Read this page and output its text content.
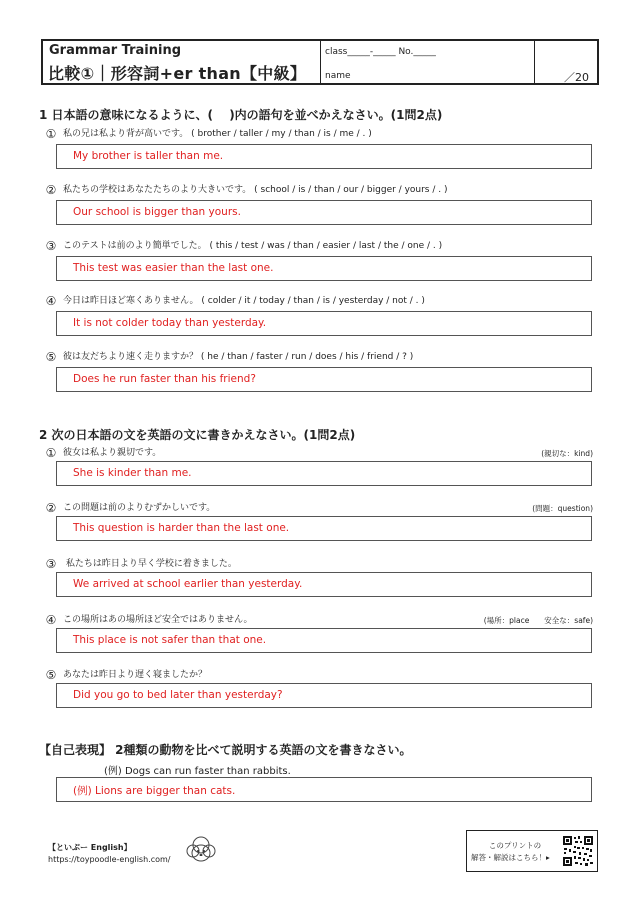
Grammar Training
比較①｜形容詞+er than【中級】
class_____-_____ No._____
name	／20
1 日本語の意味になるように、(　 )内の語句を並べかえなさい。(1問2点)
① 私の兄は私より背が高いです。 ( brother / taller / my / than / is / me / . )
My brother is taller than me.
② 私たちの学校はあなたたちのより大きいです。 ( school / is / than / our / bigger / yours / . )
Our school is bigger than yours.
③ このテストは前のより簡単でした。 ( this / test / was / than / easier / last / the / one / . )
This test was easier than the last one.
④ 今日は昨日ほど寒くありません。 ( colder / it / today / than / is / yesterday / not / . )
It is not colder today than yesterday.
⑤ 彼は友だちより速く走りますか？ ( he / than / faster / run / does / his / friend / ? )
Does he run faster than his friend?
2 次の日本語の文を英語の文に書きかえなさい。(1問2点)
① 彼女は私より親切です。	(親切な：kind)
She is kinder than me.
② この問題は前のよりむずかしいです。	(問題：question)
This question is harder than the last one.
③ 私たちは昨日より早く学校に着きました。
We arrived at school earlier than yesterday.
④ この場所はあの場所ほど安全ではありません。	(場所：place　　安全な：safe)
This place is not safer than that one.
⑤ あなたは昨日より遅く寝ましたか？
Did you go to bed later than yesterday?
【自己表現】 2種類の動物を比べて説明する英語の文を書きなさい。
(例) Dogs can run faster than rabbits.
(例) Lions are bigger than cats.
【といぷー English】
https://toypoodle-english.com/
このプリントの
解答・解説はこちら！▸
